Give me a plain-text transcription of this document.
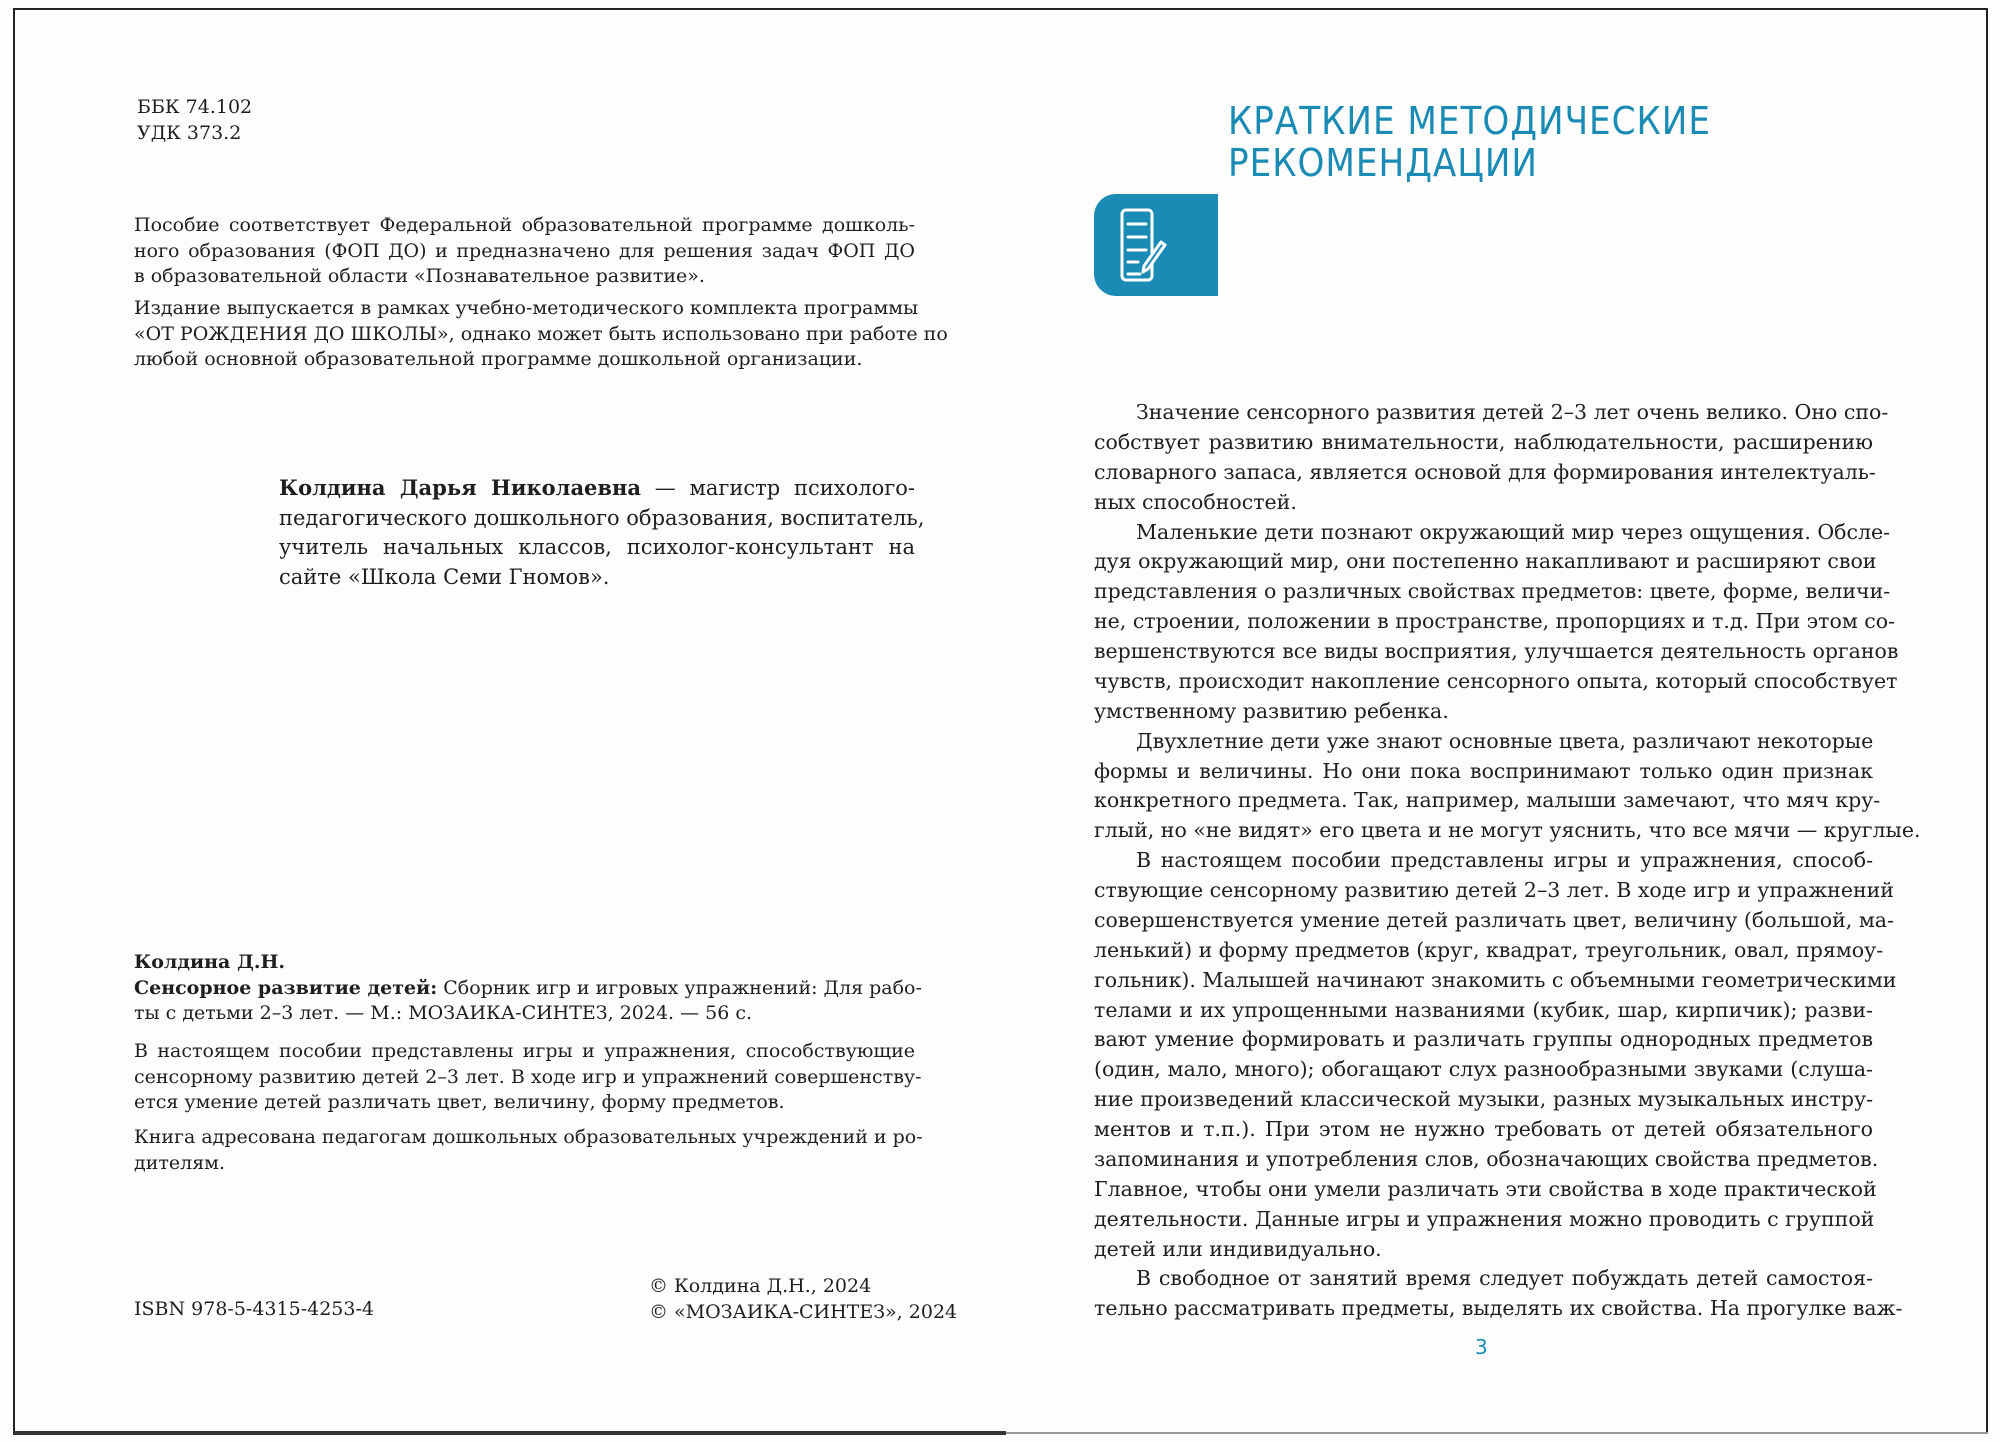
ББК 74.102
УДК 373.2
Пособие соответствует Федеральной образовательной программе дошколь-
ного образования (ФОП ДО) и предназначено для решения задач ФОП ДО
в образовательной области «Познавательное развитие».
Издание выпускается в рамках учебно-методического комплекта программы
«ОТ РОЖДЕНИЯ ДО ШКОЛЫ», однако может быть использовано при работе по
любой основной образовательной программе дошкольной организации.
Колдина Дарья Николаевна — магистр психолого-
педагогического дошкольного образования, воспитатель,
учитель начальных классов, психолог-консультант на
сайте «Школа Семи Гномов».
Колдина Д.Н.
Сенсорное развитие детей: Сборник игр и игровых упражнений: Для рабо-
ты с детьми 2–3 лет. — М.: МОЗАИКА-СИНТЕЗ, 2024. — 56 с.
В настоящем пособии представлены игры и упражнения, способствующие
сенсорному развитию детей 2–3 лет. В ходе игр и упражнений совершенству-
ется умение детей различать цвет, величину, форму предметов.
Книга адресована педагогам дошкольных образовательных учреждений и ро-
дителям.
ISBN 978-5-4315-4253-4
© Колдина Д.Н., 2024
© «МОЗАИКА-СИНТЕЗ», 2024
КРАТКИЕ МЕТОДИЧЕСКИЕ
РЕКОМЕНДАЦИИ
Значение сенсорного развития детей 2–3 лет очень велико. Оно спо-
собствует развитию внимательности, наблюдательности, расширению
словарного запаса, является основой для формирования интелектуаль-
ных способностей.
Маленькие дети познают окружающий мир через ощущения. Обсле-
дуя окружающий мир, они постепенно накапливают и расширяют свои
представления о различных свойствах предметов: цвете, форме, величи-
не, строении, положении в пространстве, пропорциях и т.д. При этом со-
вершенствуются все виды восприятия, улучшается деятельность органов
чувств, происходит накопление сенсорного опыта, который способствует
умственному развитию ребенка.
Двухлетние дети уже знают основные цвета, различают некоторые
формы и величины. Но они пока воспринимают только один признак
конкретного предмета. Так, например, малыши замечают, что мяч кру-
глый, но «не видят» его цвета и не могут уяснить, что все мячи — круглые.
В настоящем пособии представлены игры и упражнения, способ-
ствующие сенсорному развитию детей 2–3 лет. В ходе игр и упражнений
совершенствуется умение детей различать цвет, величину (большой, ма-
ленький) и форму предметов (круг, квадрат, треугольник, овал, прямоу-
гольник). Малышей начинают знакомить с объемными геометрическими
телами и их упрощенными названиями (кубик, шар, кирпичик); разви-
вают умение формировать и различать группы однородных предметов
(один, мало, много); обогащают слух разнообразными звуками (слуша-
ние произведений классической музыки, разных музыкальных инстру-
ментов и т.п.). При этом не нужно требовать от детей обязательного
запоминания и употребления слов, обозначающих свойства предметов.
Главное, чтобы они умели различать эти свойства в ходе практической
деятельности. Данные игры и упражнения можно проводить с группой
детей или индивидуально.
В свободное от занятий время следует побуждать детей самостоя-
тельно рассматривать предметы, выделять их свойства. На прогулке важ-
3
